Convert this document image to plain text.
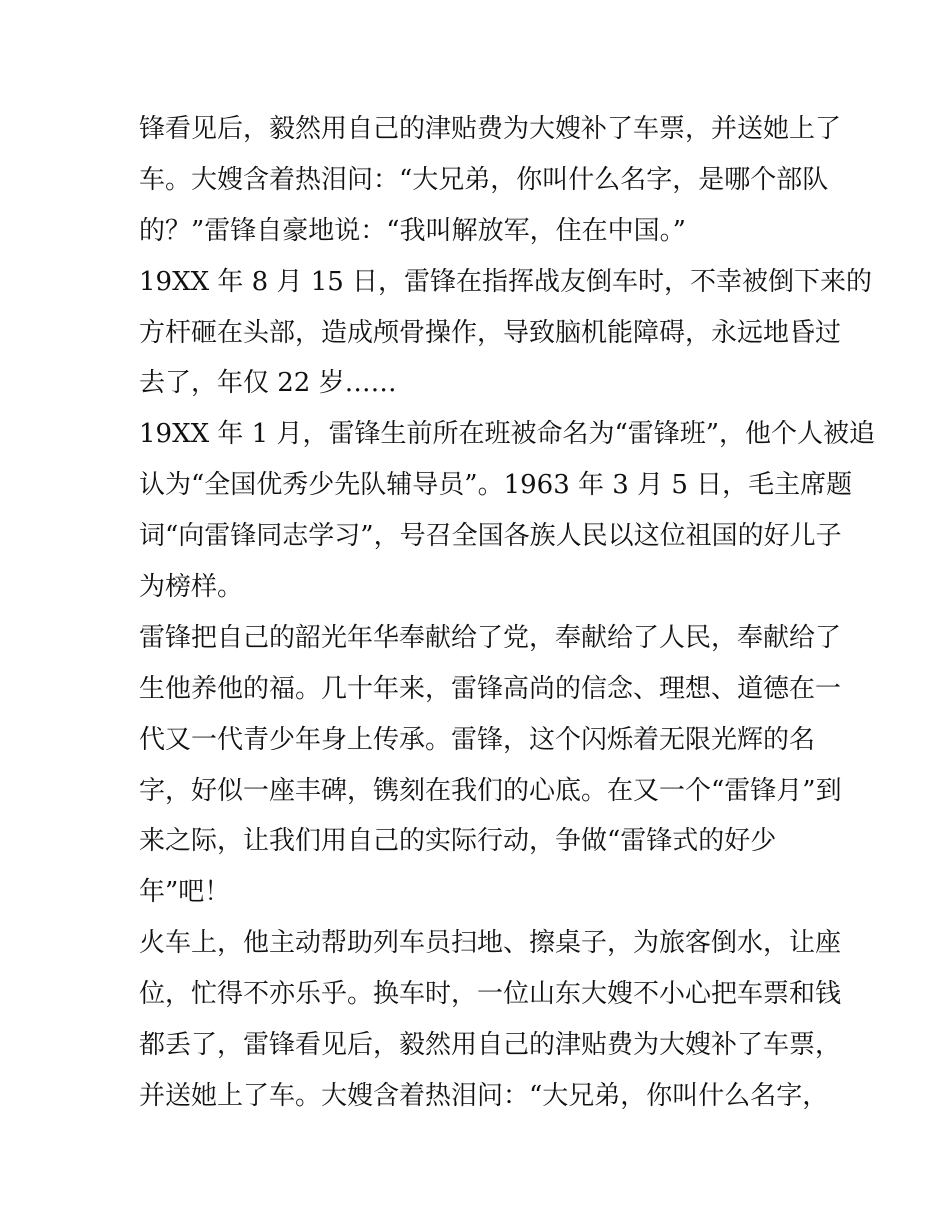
锋看见后，毅然用自己的津贴费为大嫂补了车票，并送她上了
车。大嫂含着热泪问：“大兄弟，你叫什么名字，是哪个部队
的？”雷锋自豪地说：“我叫解放军，住在中国。”
19XX 年 8 月 15 日，雷锋在指挥战友倒车时，不幸被倒下来的
方杆砸在头部，造成颅骨操作，导致脑机能障碍，永远地昏过
去了，年仅 22 岁……
19XX 年 1 月，雷锋生前所在班被命名为“雷锋班”，他个人被追
认为“全国优秀少先队辅导员”。1963 年 3 月 5 日，毛主席题
词“向雷锋同志学习”，号召全国各族人民以这位祖国的好儿子
为榜样。
雷锋把自己的韶光年华奉献给了党，奉献给了人民，奉献给了
生他养他的福。几十年来，雷锋高尚的信念、理想、道德在一
代又一代青少年身上传承。雷锋，这个闪烁着无限光辉的名
字，好似一座丰碑，镌刻在我们的心底。在又一个“雷锋月”到
来之际，让我们用自己的实际行动，争做“雷锋式的好少
年”吧！
火车上，他主动帮助列车员扫地、擦桌子，为旅客倒水，让座
位，忙得不亦乐乎。换车时，一位山东大嫂不小心把车票和钱
都丢了，雷锋看见后，毅然用自己的津贴费为大嫂补了车票，
并送她上了车。大嫂含着热泪问：“大兄弟，你叫什么名字，
